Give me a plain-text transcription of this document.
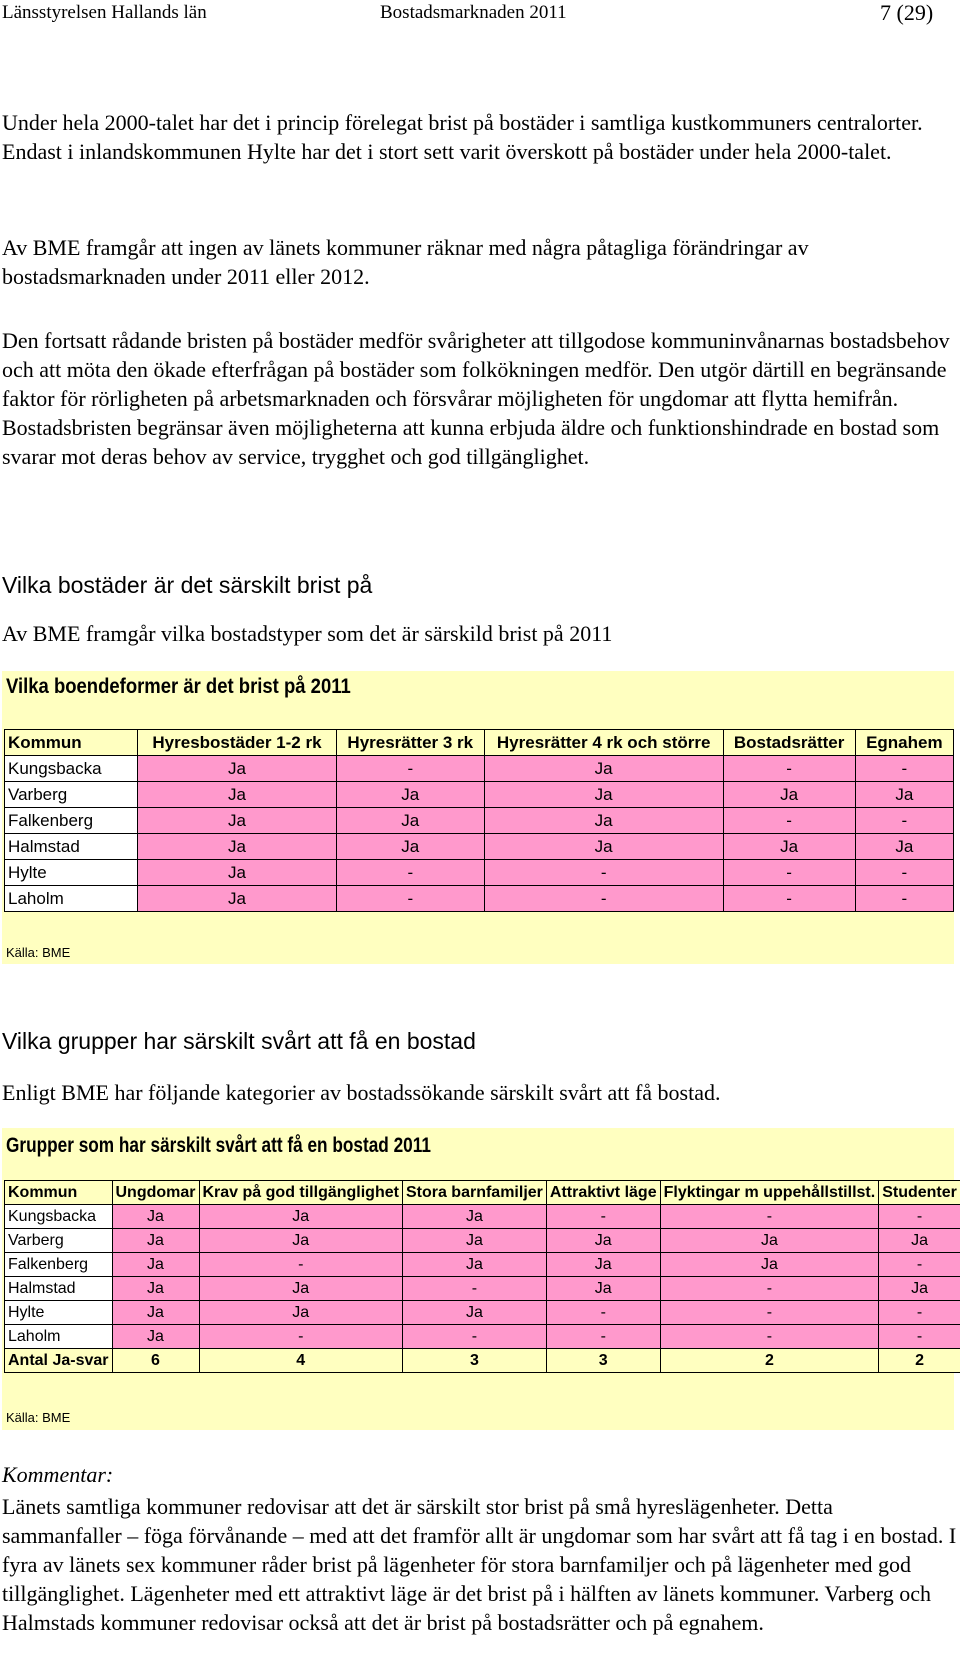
Länsstyrelsen Hallands län	Bostadsmarknaden 2011	7 (29)

Under hela 2000-talet har det i princip förelegat brist på bostäder i samtliga kustkommuners centralorter. Endast i inlandskommunen Hylte har det i stort sett varit överskott på bostäder under hela 2000-talet.

Av BME framgår att ingen av länets kommuner räknar med några påtagliga förändringar av bostadsmarknaden under 2011 eller 2012.

Den fortsatt rådande bristen på bostäder medför svårigheter att tillgodose kommuninvånarnas bostadsbehov och att möta den ökade efterfrågan på bostäder som folkökningen medför. Den utgör därtill en begränsande faktor för rörligheten på arbetsmarknaden och försvårar möjligheten för ungdomar att flytta hemifrån. Bostadsbristen begränsar även möjligheterna att kunna erbjuda äldre och funktionshindrade en bostad som svarar mot deras behov av service, trygghet och god tillgänglighet.

Vilka bostäder är det särskilt brist på

Av BME framgår vilka bostadstyper som det är särskild brist på 2011

Vilka boendeformer är det brist på 2011

Kommun	Hyresbostäder 1-2 rk	Hyresrätter 3 rk	Hyresrätter 4 rk och större	Bostadsrätter	Egnahem
Kungsbacka	Ja	-	Ja	-	-
Varberg	Ja	Ja	Ja	Ja	Ja
Falkenberg	Ja	Ja	Ja	-	-
Halmstad	Ja	Ja	Ja	Ja	Ja
Hylte	Ja	-	-	-	-
Laholm	Ja	-	-	-	-

Källa: BME

Vilka grupper har särskilt svårt att få en bostad

Enligt BME har följande kategorier av bostadssökande särskilt svårt att få bostad.

Grupper som har särskilt svårt att få en bostad 2011

Kommun	Ungdomar	Krav på god tillgänglighet	Stora barnfamiljer	Attraktivt läge	Flyktingar m uppehållstillst.	Studenter
Kungsbacka	Ja	Ja	Ja	-	-	-
Varberg	Ja	Ja	Ja	Ja	Ja	Ja
Falkenberg	Ja	-	Ja	Ja	Ja	-
Halmstad	Ja	Ja	-	Ja	-	Ja
Hylte	Ja	Ja	Ja	-	-	-
Laholm	Ja	-	-	-	-	-
Antal Ja-svar	6	4	3	3	2	2

Källa: BME

Kommentar:

Länets samtliga kommuner redovisar att det är särskilt stor brist på små hyreslägenheter. Detta sammanfaller – föga förvånande – med att det framför allt är ungdomar som har svårt att få tag i en bostad. I fyra av länets sex kommuner råder brist på lägenheter för stora barnfamiljer och på lägenheter med god tillgänglighet. Lägenheter med ett attraktivt läge är det brist på i hälften av länets kommuner. Varberg och Halmstads kommuner redovisar också att det är brist på bostadsrätter och på egnahem.
